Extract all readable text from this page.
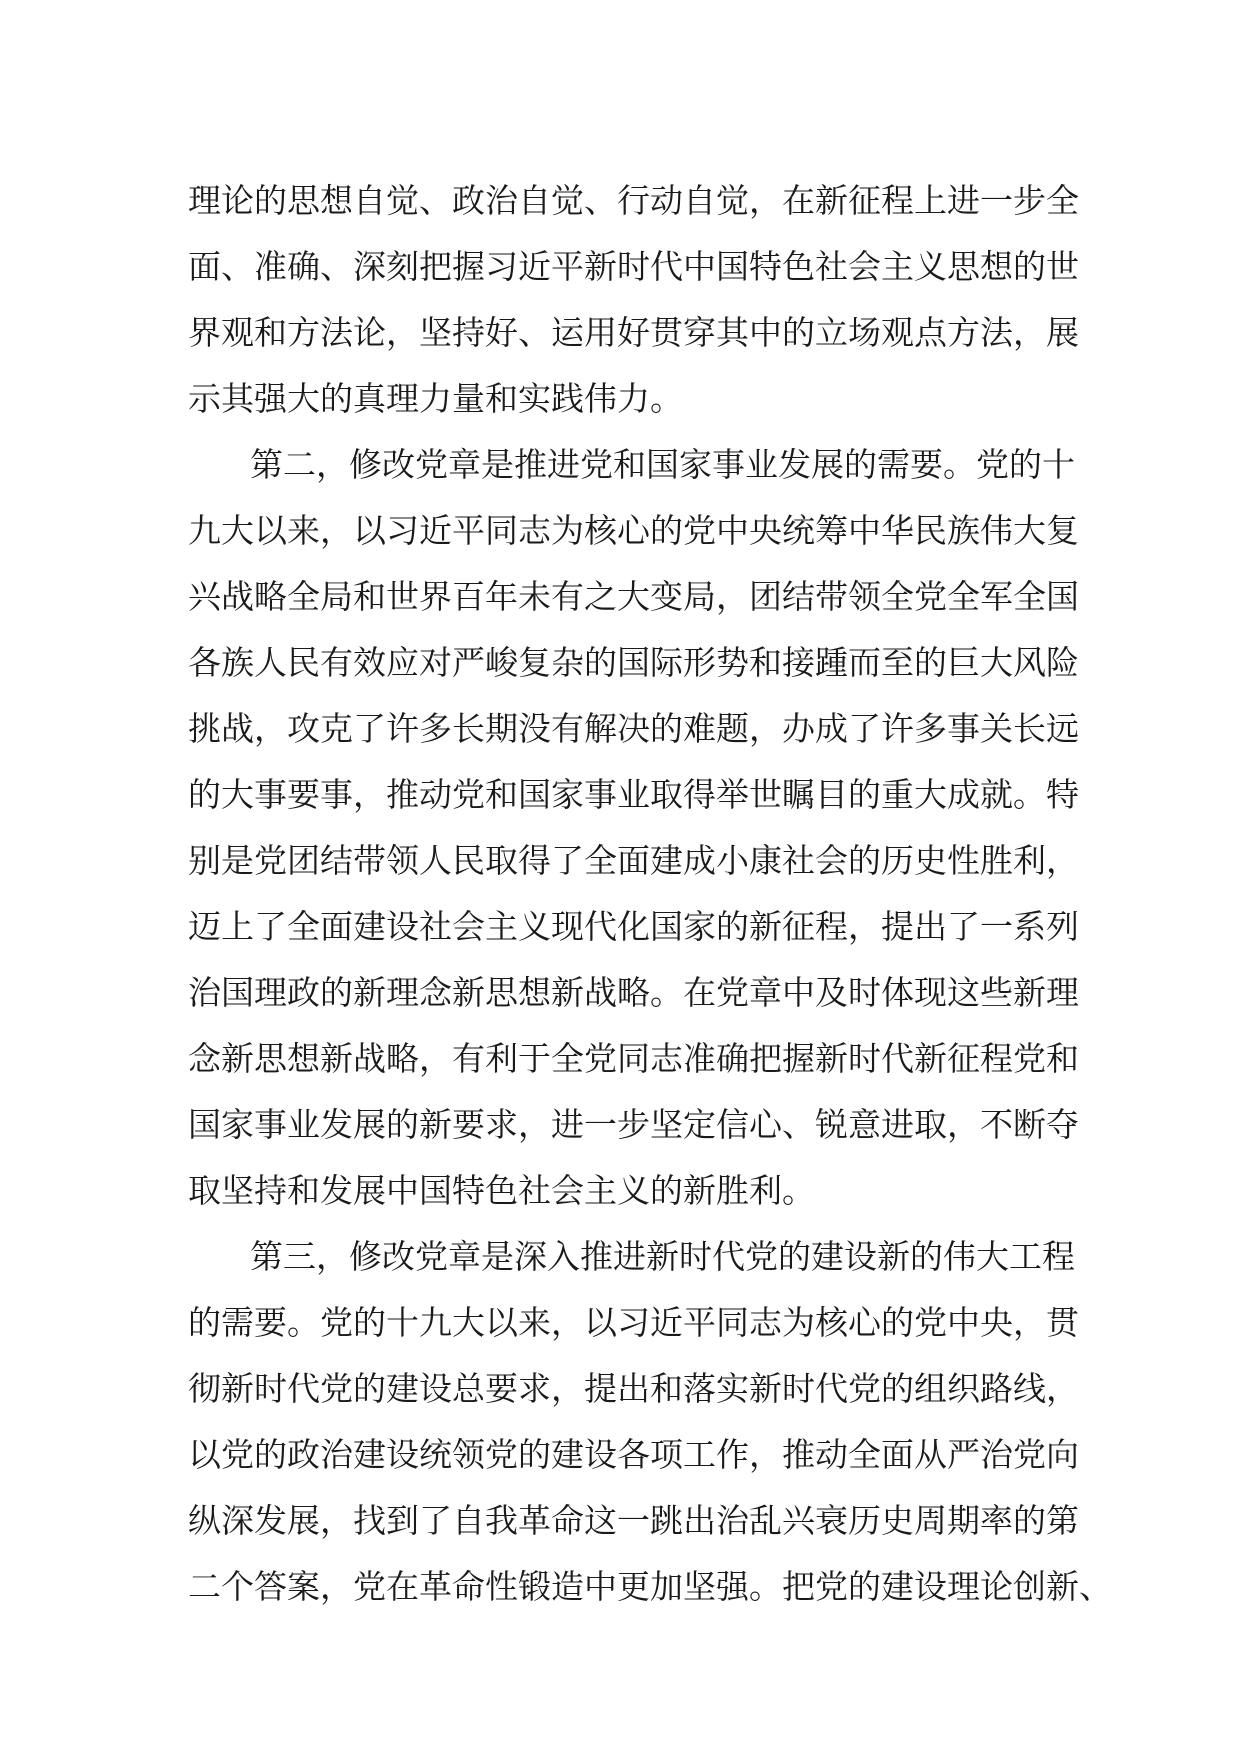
理论的思想自觉、政治自觉、行动自觉，在新征程上进一步全
面、准确、深刻把握习近平新时代中国特色社会主义思想的世
界观和方法论，坚持好、运用好贯穿其中的立场观点方法，展
示其强大的真理力量和实践伟力。
第二，修改党章是推进党和国家事业发展的需要。党的十
九大以来，以习近平同志为核心的党中央统筹中华民族伟大复
兴战略全局和世界百年未有之大变局，团结带领全党全军全国
各族人民有效应对严峻复杂的国际形势和接踵而至的巨大风险
挑战，攻克了许多长期没有解决的难题，办成了许多事关长远
的大事要事，推动党和国家事业取得举世瞩目的重大成就。特
别是党团结带领人民取得了全面建成小康社会的历史性胜利，
迈上了全面建设社会主义现代化国家的新征程，提出了一系列
治国理政的新理念新思想新战略。在党章中及时体现这些新理
念新思想新战略，有利于全党同志准确把握新时代新征程党和
国家事业发展的新要求，进一步坚定信心、锐意进取，不断夺
取坚持和发展中国特色社会主义的新胜利。
第三，修改党章是深入推进新时代党的建设新的伟大工程
的需要。党的十九大以来，以习近平同志为核心的党中央，贯
彻新时代党的建设总要求，提出和落实新时代党的组织路线，
以党的政治建设统领党的建设各项工作，推动全面从严治党向
纵深发展，找到了自我革命这一跳出治乱兴衰历史周期率的第
二个答案，党在革命性锻造中更加坚强。把党的建设理论创新、
